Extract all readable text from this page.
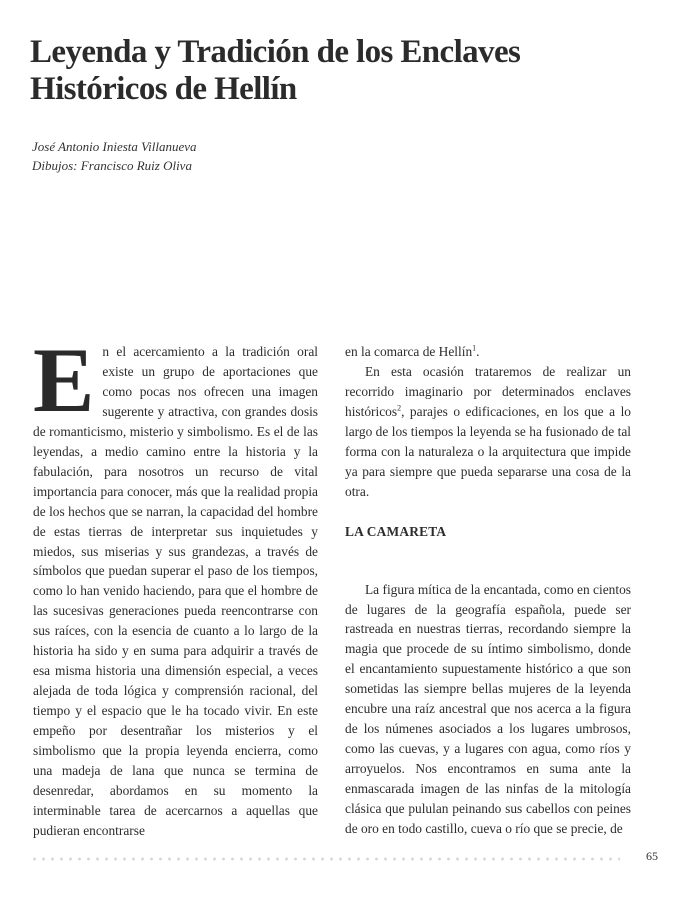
Leyenda y Tradición de los Enclaves
Históricos de Hellín
José Antonio Iniesta Villanueva
Dibujos: Francisco Ruiz Oliva

En el acercamiento a la tradición oral existe un grupo de aportaciones que como pocas nos ofrecen una imagen sugerente y atractiva, con grandes dosis de romanticismo, misterio y simbolismo. Es el de las leyendas, a medio camino entre la historia y la fabulación, para nosotros un recurso de vital importancia para conocer, más que la realidad propia de los hechos que se narran, la capacidad del hombre de estas tierras de interpretar sus inquietudes y miedos, sus miserias y sus grandezas, a través de símbolos que puedan superar el paso de los tiempos, como lo han venido haciendo, para que el hombre de las sucesivas generaciones pueda reencontrarse con sus raíces, con la esencia de cuanto a lo largo de la historia ha sido y en suma para adquirir a través de esa misma historia una dimensión especial, a veces alejada de toda lógica y comprensión racional, del tiempo y el espacio que le ha tocado vivir. En este empeño por desentrañar los misterios y el simbolismo que la propia leyenda encierra, como una madeja de lana que nunca se termina de desenredar, abordamos en su momento la interminable tarea de acercarnos a aquellas que pudieran encontrarse

en la comarca de Hellín$^1$.

En esta ocasión trataremos de realizar un recorrido imaginario por determinados enclaves históricos$^2$, parajes o edificaciones, en los que a lo largo de los tiempos la leyenda se ha fusionado de tal forma con la naturaleza o la arquitectura que impide ya para siempre que pueda separarse una cosa de la otra.

LA CAMARETA

La figura mítica de la encantada, como en cientos de lugares de la geografía española, puede ser rastreada en nuestras tierras, recordando siempre la magia que procede de su íntimo simbolismo, donde el encantamiento supuestamente histórico a que son sometidas las siempre bellas mujeres de la leyenda encubre una raíz ancestral que nos acerca a la figura de los númenes asociados a los lugares umbrosos, como las cuevas, y a lugares con agua, como ríos y arroyuelos. Nos encontramos en suma ante la enmascarada imagen de las ninfas de la mitología clásica que pululan peinando sus cabellos con peines de oro en todo castillo, cueva o río que se precie, de

65
